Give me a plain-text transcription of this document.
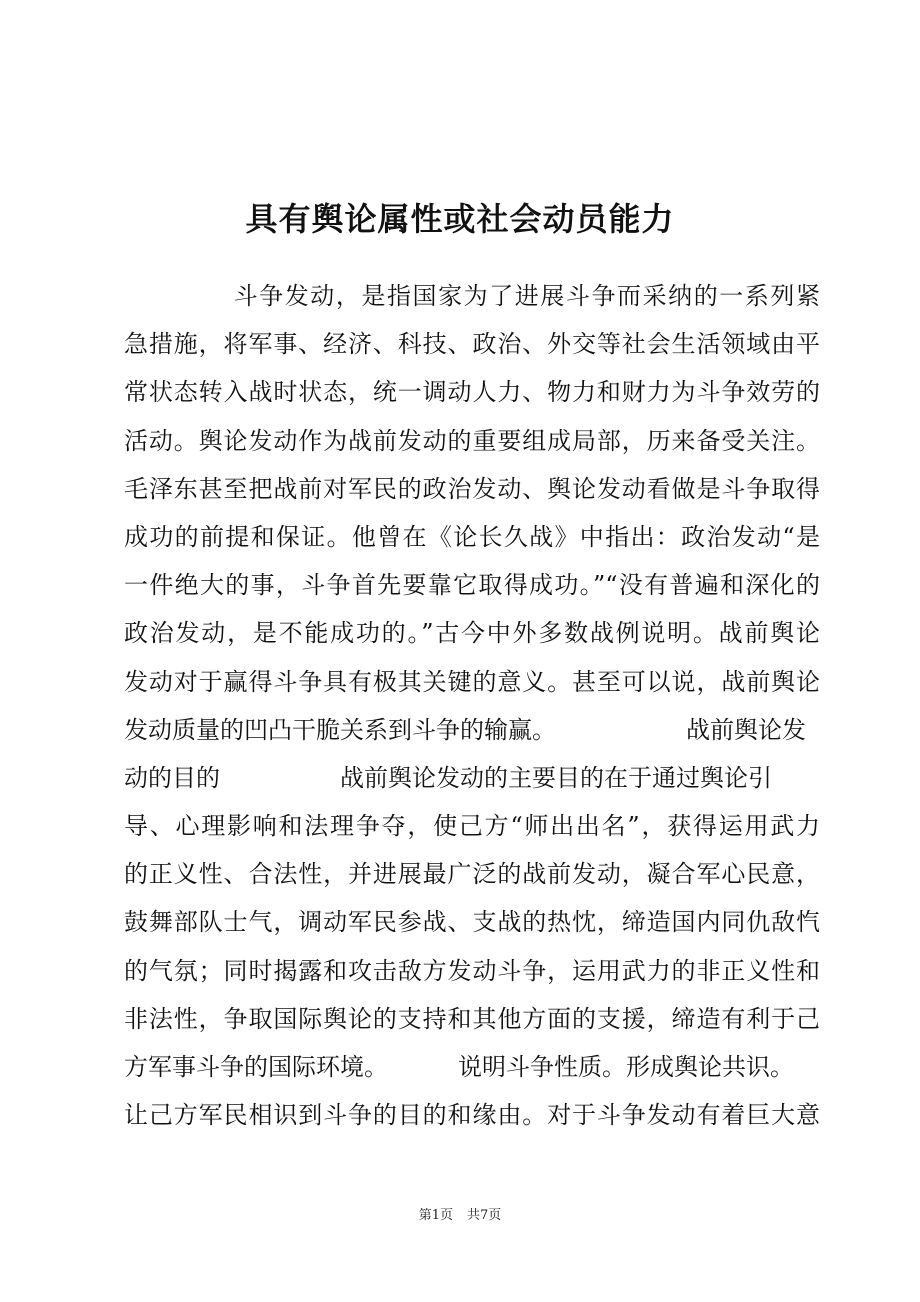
具有舆论属性或社会动员能力
斗争发动，是指国家为了进展斗争而采纳的一系列紧
急措施，将军事、经济、科技、政治、外交等社会生活领域由平
常状态转入战时状态，统一调动人力、物力和财力为斗争效劳的
活动。舆论发动作为战前发动的重要组成局部，历来备受关注。
毛泽东甚至把战前对军民的政治发动、舆论发动看做是斗争取得
成功的前提和保证。他曾在《论长久战》中指出：政治发动“是
一件绝大的事，斗争首先要靠它取得成功。”“没有普遍和深化的
政治发动，是不能成功的。”古今中外多数战例说明。战前舆论
发动对于赢得斗争具有极其关键的意义。甚至可以说，战前舆论
发动质量的凹凸干脆关系到斗争的输赢。	战前舆论发
动的目的	战前舆论发动的主要目的在于通过舆论引
导、心理影响和法理争夺，使己方“师出出名”，获得运用武力
的正义性、合法性，并进展最广泛的战前发动，凝合军心民意，
鼓舞部队士气，调动军民参战、支战的热忱，缔造国内同仇敌忾
的气氛；同时揭露和攻击敌方发动斗争，运用武力的非正义性和
非法性，争取国际舆论的支持和其他方面的支援，缔造有利于己
方军事斗争的国际环境。	说明斗争性质。形成舆论共识。
让己方军民相识到斗争的目的和缘由。对于斗争发动有着巨大意
第1页 共7页
